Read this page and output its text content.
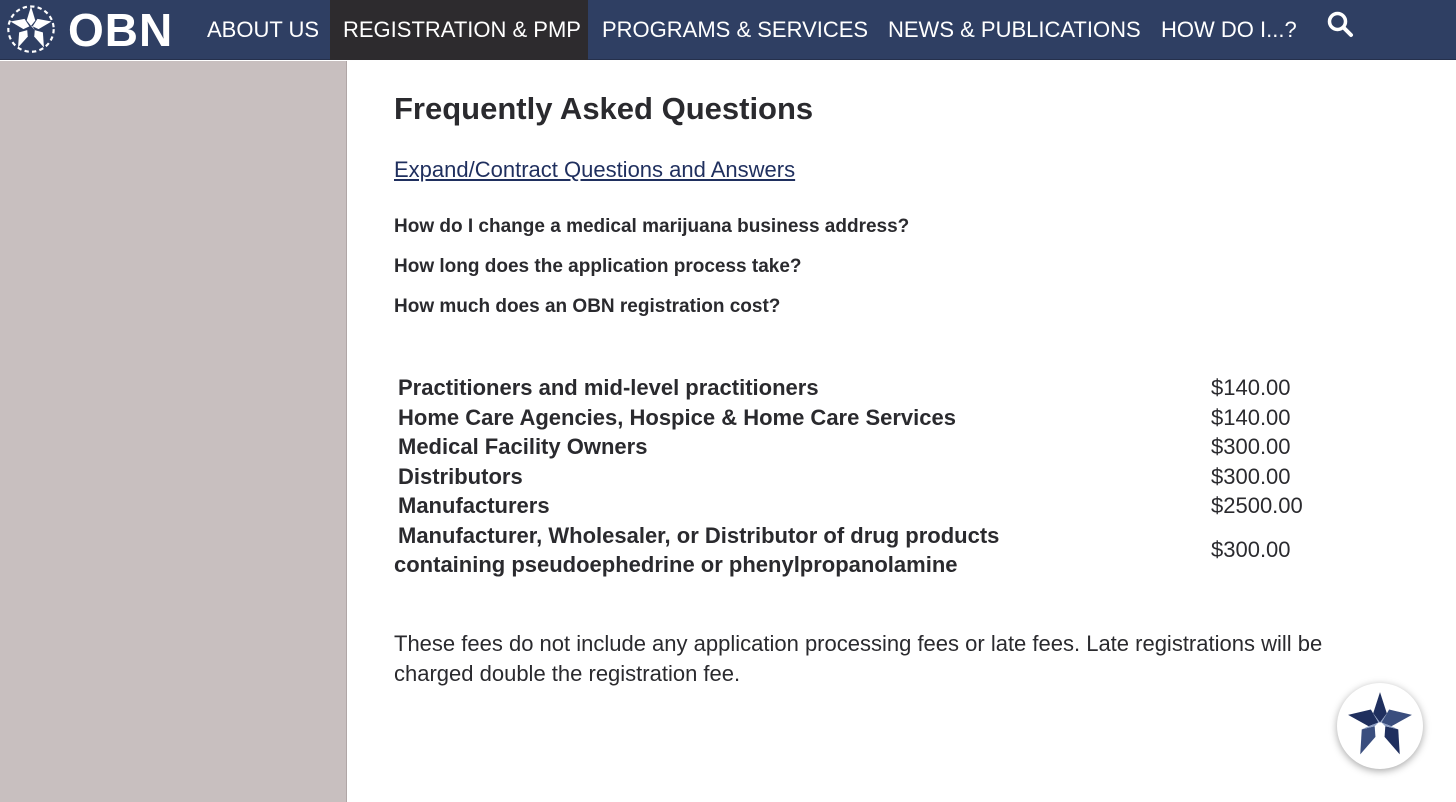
OBN	ABOUT US	REGISTRATION & PMP PROGRAMS & SERVICES NEWS & PUBLICATIONS HOW DO I...?
Frequently Asked Questions
Expand/Contract Questions and Answers
How do I change a medical marijuana business address?
How long does the application process take?
How much does an OBN registration cost?
Practitioners and mid-level practitioners	$140.00
Home Care Agencies, Hospice & Home Care Services	$140.00
Medical Facility Owners	$300.00
Distributors	$300.00
Manufacturers	$2500.00
Manufacturer, Wholesaler, or Distributor of drug products containing pseudoephedrine or phenylpropanolamine
$300.00

These fees do not include any application processing fees or late fees. Late registrations will be charged double the registration fee.
